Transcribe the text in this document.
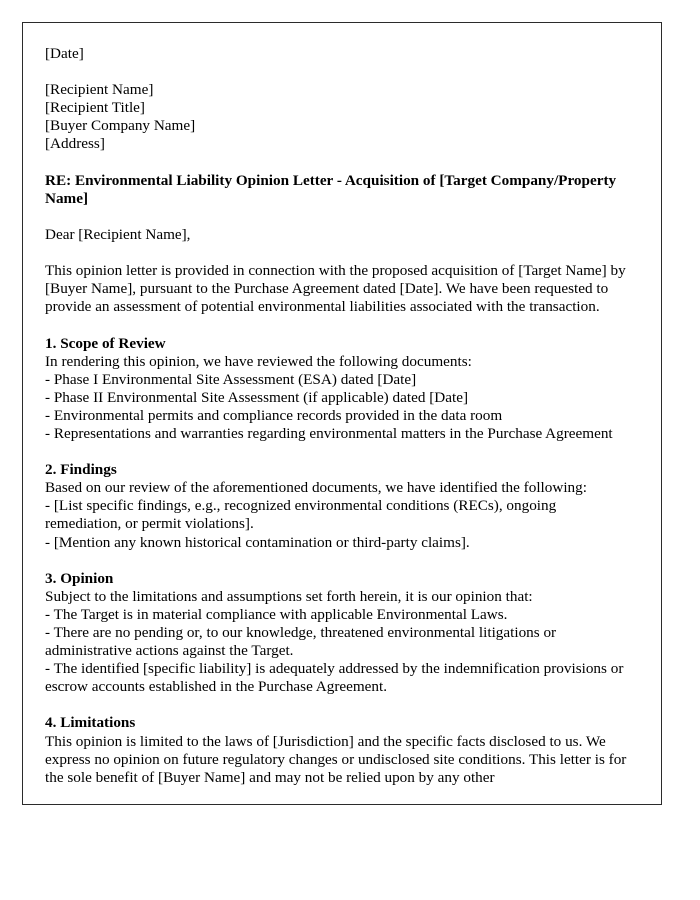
[Date]

[Recipient Name]

[Recipient Title]

[Buyer Company Name]

[Address]

RE: Environmental Liability Opinion Letter - Acquisition of [Target Company/Property Name]

Dear [Recipient Name],

This opinion letter is provided in connection with the proposed acquisition of [Target Name] by [Buyer Name], pursuant to the Purchase Agreement dated [Date]. We have been requested to provide an assessment of potential environmental liabilities associated with the transaction.

1. Scope of Review

In rendering this opinion, we have reviewed the following documents:

- Phase I Environmental Site Assessment (ESA) dated [Date]

- Phase II Environmental Site Assessment (if applicable) dated [Date]

- Environmental permits and compliance records provided in the data room

- Representations and warranties regarding environmental matters in the Purchase Agreement

2. Findings

Based on our review of the aforementioned documents, we have identified the following:

- [List specific findings, e.g., recognized environmental conditions (RECs), ongoing remediation, or permit violations].

- [Mention any known historical contamination or third-party claims].

3. Opinion

Subject to the limitations and assumptions set forth herein, it is our opinion that:

- The Target is in material compliance with applicable Environmental Laws.

- There are no pending or, to our knowledge, threatened environmental litigations or administrative actions against the Target.

- The identified [specific liability] is adequately addressed by the indemnification provisions or escrow accounts established in the Purchase Agreement.

4. Limitations

This opinion is limited to the laws of [Jurisdiction] and the specific facts disclosed to us. We express no opinion on future regulatory changes or undisclosed site conditions. This letter is for the sole benefit of [Buyer Name] and may not be relied upon by any other
